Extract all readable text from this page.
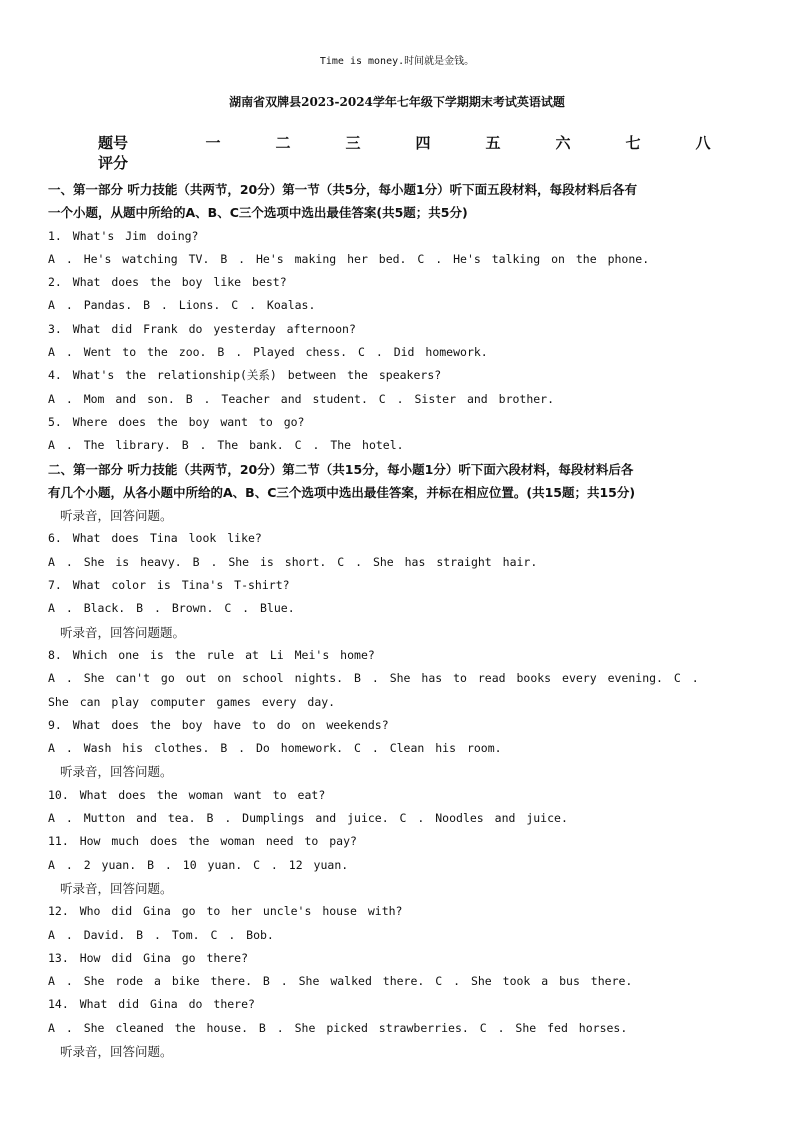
Time is money.时间就是金钱。
湖南省双牌县2023-2024学年七年级下学期期末考试英语试题
题号	一	二	三	四	五	六	七	八
评分
一、第一部分 听力技能（共两节，20分）第一节（共5分，每小题1分）听下面五段材料，每段材料后各有
一个小题，从题中所给的A、B、C三个选项中选出最佳答案(共5题；共5分)
1. What's Jim doing?
A . He's watching TV. B . He's making her bed. C . He's talking on the phone.
2. What does the boy like best?
A . Pandas. B . Lions. C . Koalas.
3. What did Frank do yesterday afternoon?
A . Went to the zoo. B . Played chess. C . Did homework.
4. What's the relationship(关系) between the speakers?
A . Mom and son. B . Teacher and student. C . Sister and brother.
5. Where does the boy want to go?
A . The library. B . The bank. C . The hotel.
二、第一部分 听力技能（共两节，20分）第二节（共15分，每小题1分）听下面六段材料，每段材料后各
有几个小题，从各小题中所给的A、B、C三个选项中选出最佳答案，并标在相应位置。(共15题；共15分)
听录音，回答问题。
6. What does Tina look like?
A . She is heavy. B . She is short. C . She has straight hair.
7. What color is Tina's T-shirt?
A . Black. B . Brown. C . Blue.
听录音，回答问题题。
8. Which one is the rule at Li Mei's home?
A . She can't go out on school nights. B . She has to read books every evening. C .
She can play computer games every day.
9. What does the boy have to do on weekends?
A . Wash his clothes. B . Do homework. C . Clean his room.
听录音，回答问题。
10. What does the woman want to eat?
A . Mutton and tea. B . Dumplings and juice. C . Noodles and juice.
11. How much does the woman need to pay?
A . 2 yuan. B . 10 yuan. C . 12 yuan.
听录音，回答问题。
12. Who did Gina go to her uncle's house with?
A . David. B . Tom. C . Bob.
13. How did Gina go there?
A . She rode a bike there. B . She walked there. C . She took a bus there.
14. What did Gina do there?
A . She cleaned the house. B . She picked strawberries. C . She fed horses.
听录音，回答问题。
